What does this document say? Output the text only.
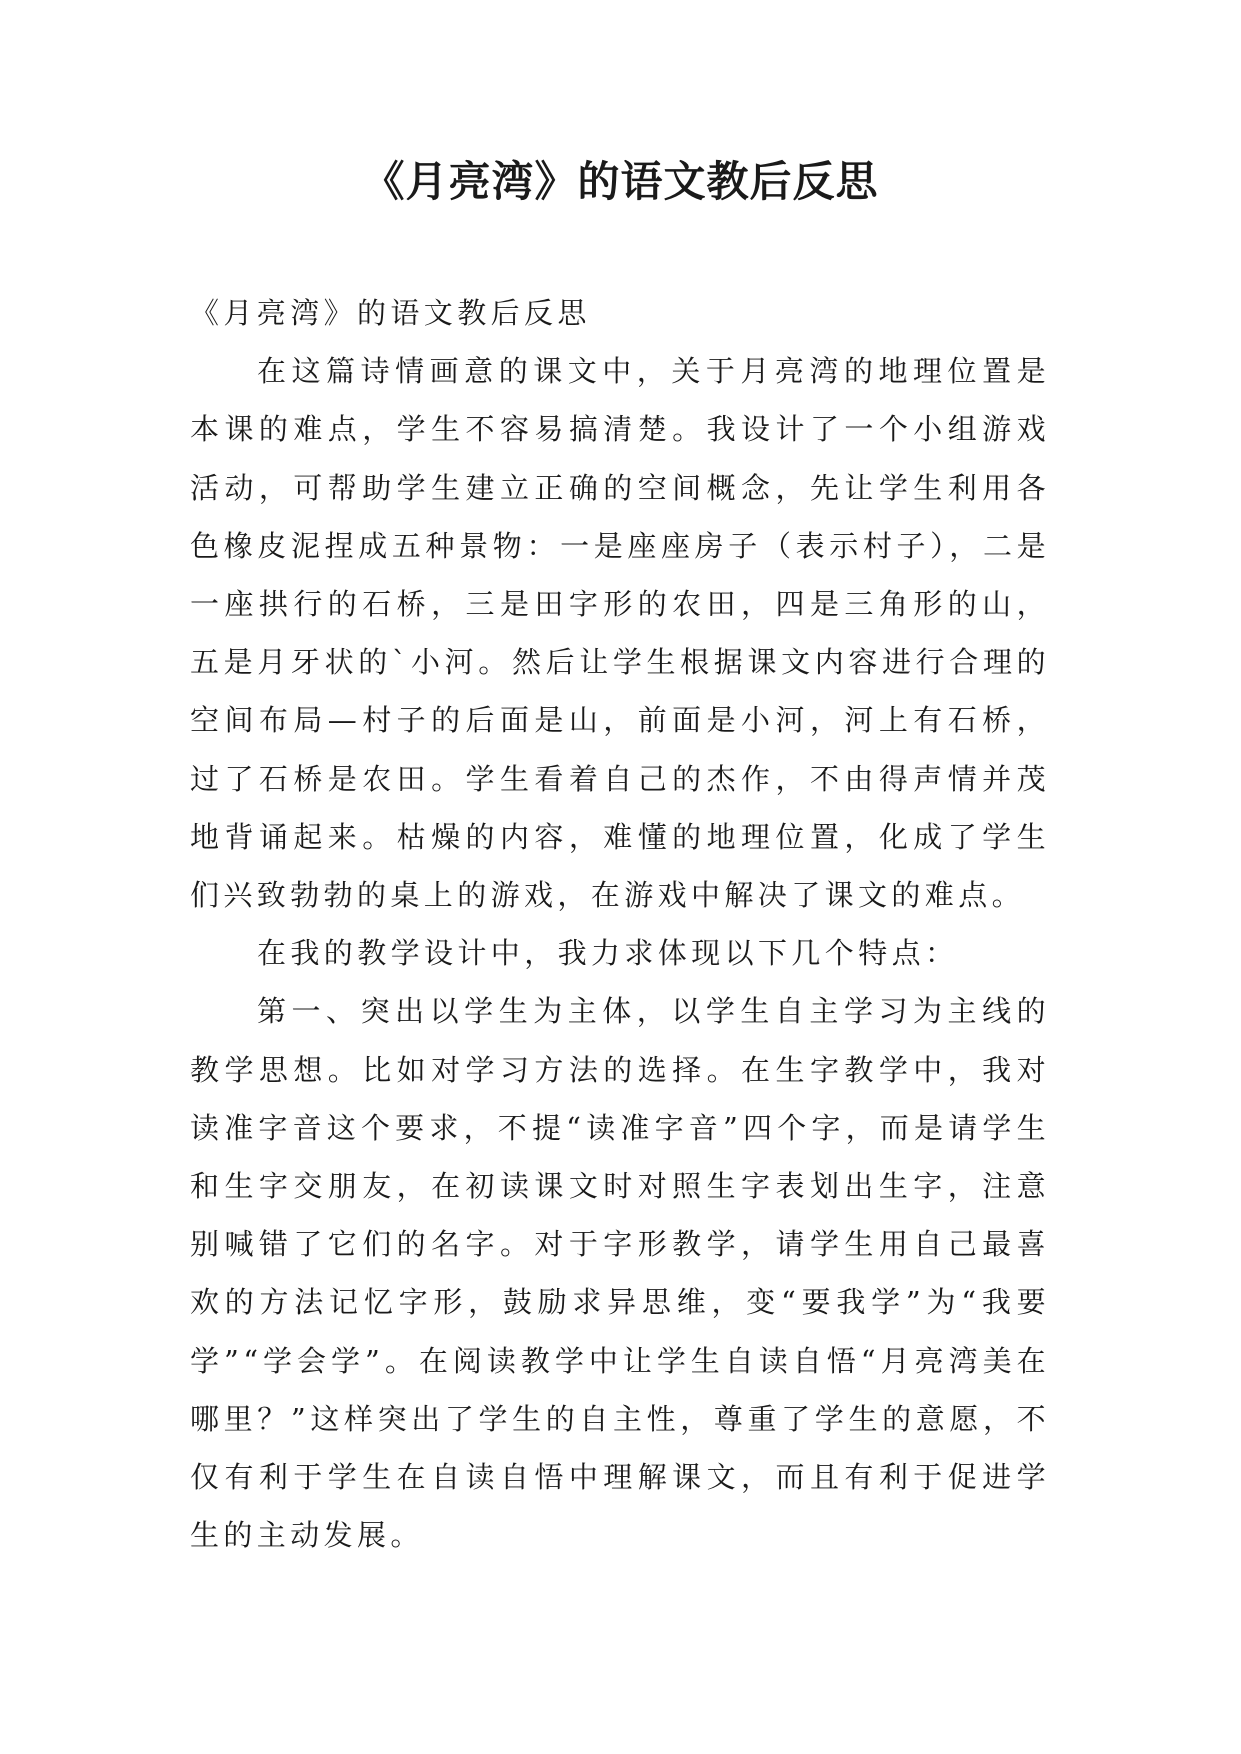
《月亮湾》的语文教后反思

《月亮湾》的语文教后反思

在这篇诗情画意的课文中，关于月亮湾的地理位置是本课的难点，学生不容易搞清楚。我设计了一个小组游戏活动，可帮助学生建立正确的空间概念，先让学生利用各色橡皮泥捏成五种景物：一是座座房子（表示村子），二是一座拱行的石桥，三是田字形的农田，四是三角形的山，五是月牙状的`小河。然后让学生根据课文内容进行合理的空间布局—村子的后面是山，前面是小河，河上有石桥，过了石桥是农田。学生看着自己的杰作，不由得声情并茂地背诵起来。枯燥的内容，难懂的地理位置，化成了学生们兴致勃勃的桌上的游戏，在游戏中解决了课文的难点。

在我的教学设计中，我力求体现以下几个特点：

第一、突出以学生为主体，以学生自主学习为主线的教学思想。比如对学习方法的选择。在生字教学中，我对读准字音这个要求，不提“读准字音”四个字，而是请学生和生字交朋友，在初读课文时对照生字表划出生字，注意别喊错了它们的名字。对于字形教学，请学生用自己最喜欢的方法记忆字形，鼓励求异思维，变“要我学”为“我要学”“学会学”。在阅读教学中让学生自读自悟“月亮湾美在哪里？”这样突出了学生的自主性，尊重了学生的意愿，不仅有利于学生在自读自悟中理解课文，而且有利于促进学生的主动发展。
